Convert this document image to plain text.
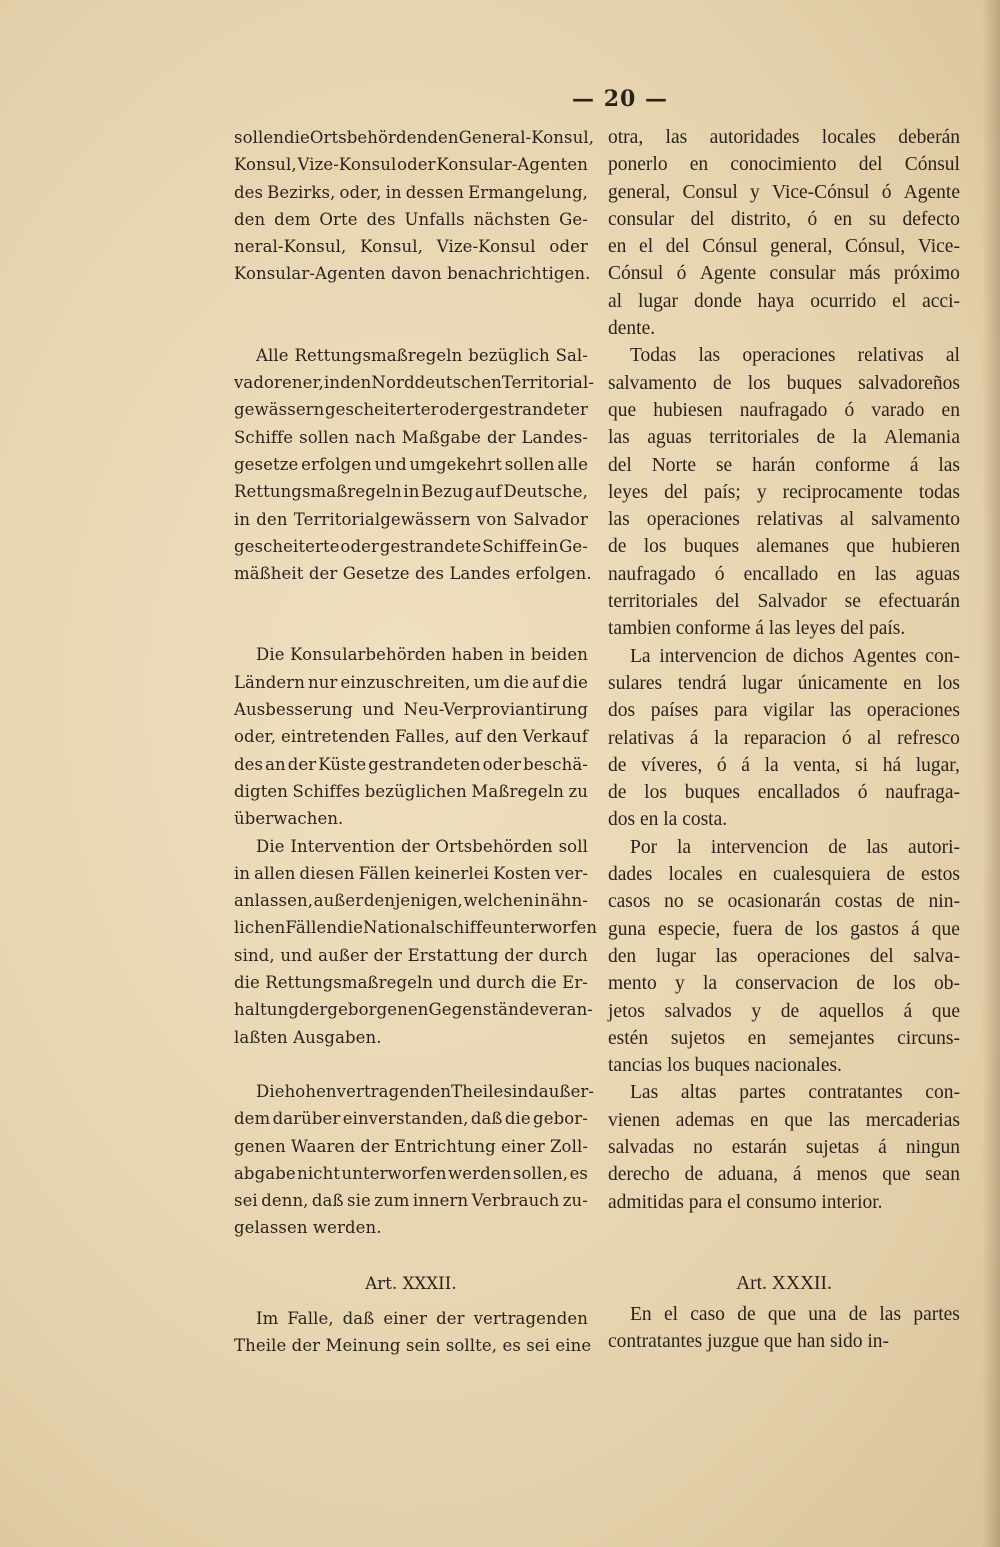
— 20 —
sollen die Ortsbehörden den General-Konsul,
Konsul, Vize-Konsul oder Konsular-Agenten
des Bezirks, oder, in dessen Ermangelung,
den dem Orte des Unfalls nächsten Ge-
neral-Konsul, Konsul, Vize-Konsul oder
Konsular-Agenten davon benachrichtigen.
Alle Rettungsmaßregeln bezüglich Sal-
vadorener, in den Norddeutschen Territorial-
gewässern gescheiterter oder gestrandeter
Schiffe sollen nach Maßgabe der Landes-
gesetze erfolgen und umgekehrt sollen alle
Rettungsmaßregeln in Bezug auf Deutsche,
in den Territorialgewässern von Salvador
gescheiterte oder gestrandete Schiffe in Ge-
mäßheit der Gesetze des Landes erfolgen.
Die Konsularbehörden haben in beiden
Ländern nur einzuschreiten, um die auf die
Ausbesserung und Neu-Verproviantirung
oder, eintretenden Falles, auf den Verkauf
des an der Küste gestrandeten oder beschä-
digten Schiffes bezüglichen Maßregeln zu
überwachen.
Die Intervention der Ortsbehörden soll
in allen diesen Fällen keinerlei Kosten ver-
anlassen, außer denjenigen, welchen in ähn-
lichen Fällen die Nationalschiffe unterworfen
sind, und außer der Erstattung der durch
die Rettungsmaßregeln und durch die Er-
haltung der geborgenen Gegenstände veran-
laßten Ausgaben.
Die hohen vertragenden Theile sind außer-
dem darüber einverstanden, daß die gebor-
genen Waaren der Entrichtung einer Zoll-
abgabe nicht unterworfen werden sollen, es
sei denn, daß sie zum innern Verbrauch zu-
gelassen werden.
Art. XXXII.
Im Falle, daß einer der vertragenden
Theile der Meinung sein sollte, es sei eine
otra, las autoridades locales deberán
ponerlo en conocimiento del Cónsul
general, Consul y Vice-Cónsul ó Agente
consular del distrito, ó en su defecto
en el del Cónsul general, Cónsul, Vice-
Cónsul ó Agente consular más próximo
al lugar donde haya ocurrido el acci-
dente.
Todas las operaciones relativas al
salvamento de los buques salvadoreños
que hubiesen naufragado ó varado en
las aguas territoriales de la Alemania
del Norte se harán conforme á las
leyes del país; y reciprocamente todas
las operaciones relativas al salvamento
de los buques alemanes que hubieren
naufragado ó encallado en las aguas
territoriales del Salvador se efectuarán
tambien conforme á las leyes del país.
La intervencion de dichos Agentes con-
sulares tendrá lugar únicamente en los
dos países para vigilar las operaciones
relativas á la reparacion ó al refresco
de víveres, ó á la venta, si há lugar,
de los buques encallados ó naufraga-
dos en la costa.
Por la intervencion de las autori-
dades locales en cualesquiera de estos
casos no se ocasionarán costas de nin-
guna especie, fuera de los gastos á que
den lugar las operaciones del salva-
mento y la conservacion de los ob-
jetos salvados y de aquellos á que
estén sujetos en semejantes circuns-
tancias los buques nacionales.
Las altas partes contratantes con-
vienen ademas en que las mercaderias
salvadas no estarán sujetas á ningun
derecho de aduana, á menos que sean
admitidas para el consumo interior.
Art. XXXII.
En el caso de que una de las partes
contratantes juzgue que han sido in-
